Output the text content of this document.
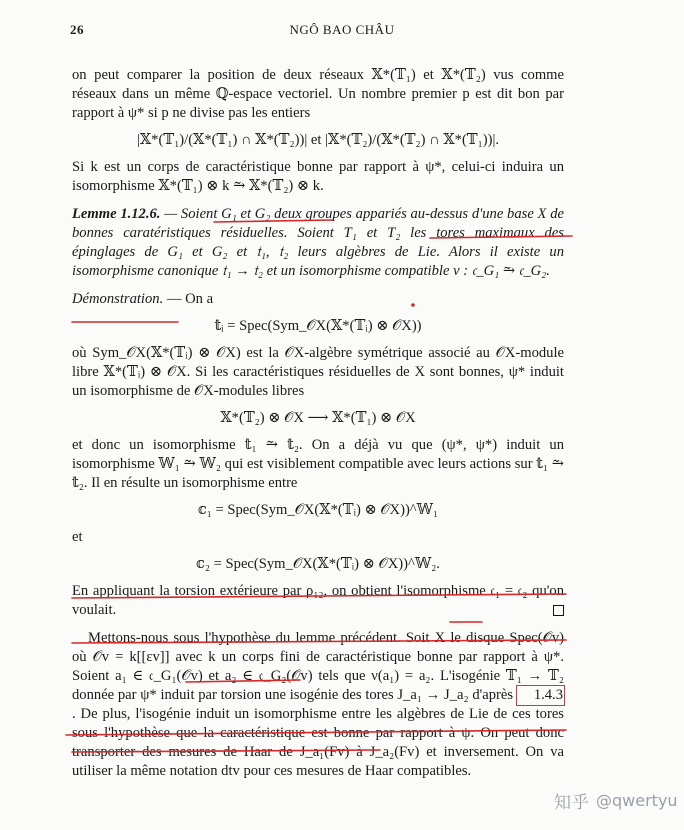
26	NGÔ BAO CHÂU

on peut comparer la position de deux réseaux 𝕏*(𝕋₁) et 𝕏*(𝕋₂) vus comme réseaux dans un même ℚ-espace vectoriel. Un nombre premier p est dit bon par rapport à ψ* si p ne divise pas les entiers

|𝕏*(𝕋₁)/(𝕏*(𝕋₁) ∩ 𝕏*(𝕋₂))| et |𝕏*(𝕋₂)/(𝕏*(𝕋₂) ∩ 𝕏*(𝕋₁))|.

Si k est un corps de caractéristique bonne par rapport à ψ*, celui-ci induira un isomorphisme 𝕏*(𝕋₁) ⊗ k ⥲ 𝕏*(𝕋₂) ⊗ k.

Lemme 1.12.6. — Soient G₁ et G₂ deux groupes appariés au-dessus d'une base X de bonnes caratéristiques résiduelles. Soient T₁ et T₂ les tores maximaux des épinglages de G₁ et G₂ et 𝔱₁, 𝔱₂ leurs algèbres de Lie. Alors il existe un isomorphisme canonique 𝔱₁ → 𝔱₂ et un isomorphisme compatible ν : 𝔠_G₁ ⥲ 𝔠_G₂.

Démonstration. — On a

𝕥ᵢ = Spec(Sym_𝒪X(𝕏*(𝕋ᵢ) ⊗ 𝒪X))

où Sym_𝒪X(𝕏*(𝕋ᵢ) ⊗ 𝒪X) est la 𝒪X-algèbre symétrique associé au 𝒪X-module libre 𝕏*(𝕋ᵢ) ⊗ 𝒪X. Si les caractéristiques résiduelles de X sont bonnes, ψ* induit un isomorphisme de 𝒪X-modules libres

𝕏*(𝕋₂) ⊗ 𝒪X ⟶ 𝕏*(𝕋₁) ⊗ 𝒪X

et donc un isomorphisme 𝕥₁ ⥲ 𝕥₂. On a déjà vu que (ψ*, ψ*) induit un isomorphisme 𝕎₁ ⥲ 𝕎₂ qui est visiblement compatible avec leurs actions sur 𝕥₁ ⥲ 𝕥₂. Il en résulte un isomorphisme entre

𝕔₁ = Spec(Sym_𝒪X(𝕏*(𝕋ᵢ) ⊗ 𝒪X))^𝕎₁

et

𝕔₂ = Spec(Sym_𝒪X(𝕏*(𝕋ᵢ) ⊗ 𝒪X))^𝕎₂.

En appliquant la torsion extérieure par ρ₁₂, on obtient l'isomorphisme 𝔠₁ = 𝔠₂ qu'on voulait.

Mettons-nous sous l'hypothèse du lemme précédent. Soit X le disque Spec(𝒪v) où 𝒪v = k[[εv]] avec k un corps fini de caractéristique bonne par rapport à ψ*. Soient a₁ ∈ 𝔠_G₁(𝒪v) et a₂ ∈ 𝔠_G₂(𝒪v) tels que ν(a₁) = a₂. L'isogénie 𝕋₁ → 𝕋₂ donnée par ψ* induit par torsion une isogénie des tores J_a₁ → J_a₂ d'après 1.4.3. De plus, l'isogénie induit un isomorphisme entre les algèbres de Lie de ces tores sous l'hypothèse que la caractéristique est bonne par rapport à ψ. On peut donc transporter des mesures de Haar de J_a₁(Fv) à J_a₂(Fv) et inversement. On va utiliser la même notation dtv pour ces mesures de Haar compatibles.

知乎 @qwertyu
